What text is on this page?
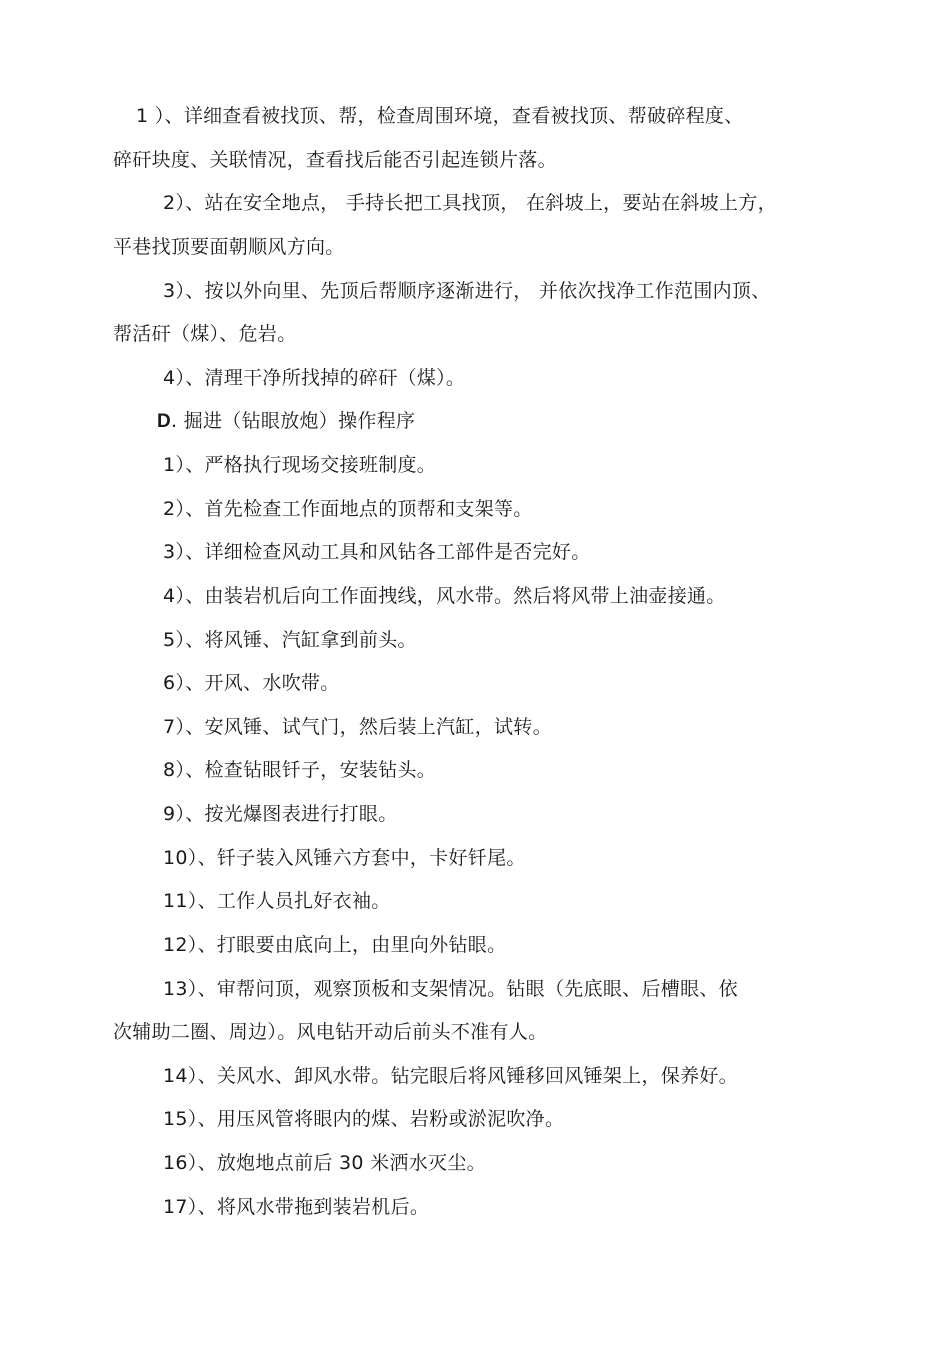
1 ）、详细查看被找顶、帮，检查周围环境，查看被找顶、帮破碎程度、
碎矸块度、关联情况，查看找后能否引起连锁片落。
2）、站在安全地点， 手持长把工具找顶， 在斜坡上，要站在斜坡上方，
平巷找顶要面朝顺风方向。
3）、按以外向里、先顶后帮顺序逐渐进行， 并依次找净工作范围内顶、
帮活矸（煤）、危岩。
4）、清理干净所找掉的碎矸（煤）。
D. 掘进（钻眼放炮）操作程序
1）、严格执行现场交接班制度。
2）、首先检查工作面地点的顶帮和支架等。
3）、详细检查风动工具和风钻各工部件是否完好。
4）、由装岩机后向工作面拽线，风水带。然后将风带上油壶接通。
5）、将风锤、汽缸拿到前头。
6）、开风、水吹带。
7）、安风锤、试气门，然后装上汽缸，试转。
8）、检查钻眼钎子，安装钻头。
9）、按光爆图表进行打眼。
10）、钎子装入风锤六方套中，卡好钎尾。
11）、工作人员扎好衣袖。
12）、打眼要由底向上，由里向外钻眼。
13）、审帮问顶，观察顶板和支架情况。钻眼（先底眼、后槽眼、依
次辅助二圈、周边）。风电钻开动后前头不准有人。
14）、关风水、卸风水带。钻完眼后将风锤移回风锤架上，保养好。
15）、用压风管将眼内的煤、岩粉或淤泥吹净。
16）、放炮地点前后 30 米洒水灭尘。
17）、将风水带拖到装岩机后。
